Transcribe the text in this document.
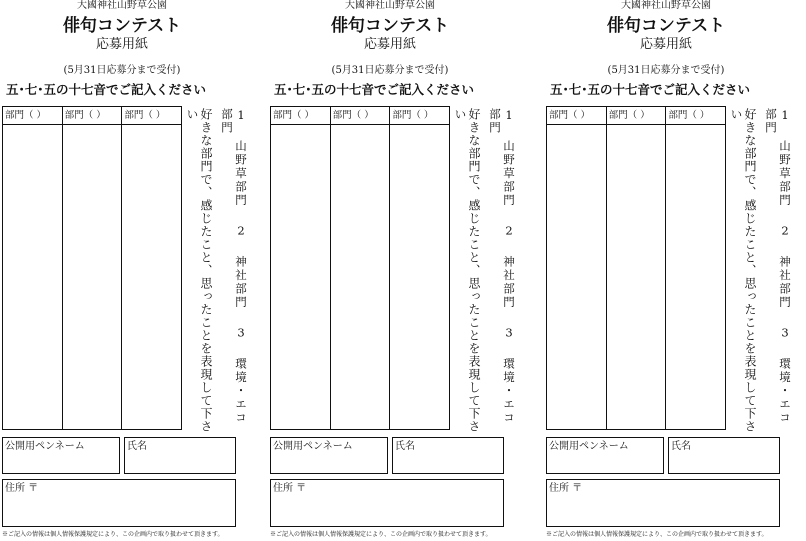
大國神社山野草公園
俳句コンテスト
応募用紙
(5月31日応募分まで受付)
五･七･五の十七音でご記入ください
部門（ ）	部門（ ）	部門（ ）	好きな部門で、感じたこと、思ったことを表現して下さい	1 山野草部門 2 神社部門 3 環境・エコ部門
公開用ペンネーム	氏名
住所 〒
※ご記入の情報は個人情報保護規定により、この企画内で取り扱わせて頂きます。
大國神社山野草公園
俳句コンテスト
応募用紙
(5月31日応募分まで受付)
五･七･五の十七音でご記入ください
部門（ ）	部門（ ）	部門（ ）	好きな部門で、感じたこと、思ったことを表現して下さい	1 山野草部門 2 神社部門 3 環境・エコ部門
公開用ペンネーム	氏名
住所 〒
※ご記入の情報は個人情報保護規定により、この企画内で取り扱わせて頂きます。
大國神社山野草公園
俳句コンテスト
応募用紙
(5月31日応募分まで受付)
五･七･五の十七音でご記入ください
部門（ ）	部門（ ）	部門（ ）	好きな部門で、感じたこと、思ったことを表現して下さい	1 山野草部門 2 神社部門 3 環境・エコ部門
公開用ペンネーム	氏名
住所 〒
※ご記入の情報は個人情報保護規定により、この企画内で取り扱わせて頂きます。
